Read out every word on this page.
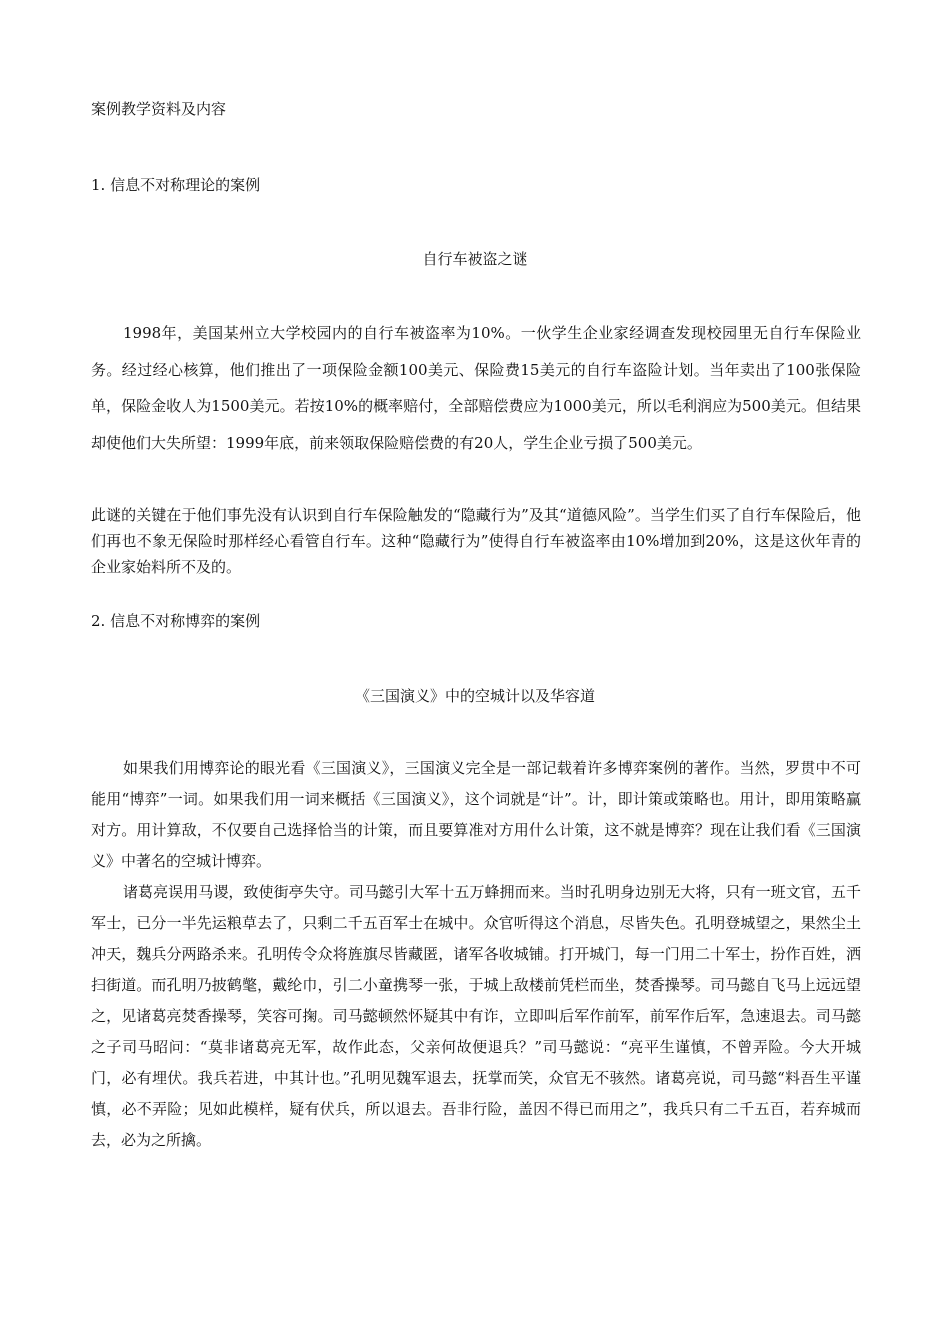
案例教学资料及内容
1. 信息不对称理论的案例
自行车被盗之谜
1998年，美国某州立大学校园内的自行车被盗率为10%。一伙学生企业家经调查发现校园里无自行车保险业务。经过经心核算，他们推出了一项保险金额100美元、保险费15美元的自行车盗险计划。当年卖出了100张保险单，保险金收人为1500美元。若按10%的概率赔付，全部赔偿费应为1000美元，所以毛利润应为500美元。但结果却使他们大失所望：1999年底，前来领取保险赔偿费的有20人，学生企业亏损了500美元。
此谜的关键在于他们事先没有认识到自行车保险触发的“隐藏行为”及其“道德风险”。当学生们买了自行车保险后，他们再也不象无保险时那样经心看管自行车。这种“隐藏行为”使得自行车被盗率由10%增加到20%，这是这伙年青的企业家始料所不及的。
2. 信息不对称博弈的案例
《三国演义》中的空城计以及华容道
如果我们用博弈论的眼光看《三国演义》，三国演义完全是一部记载着许多博弈案例的著作。当然，罗贯中不可能用“博弈”一词。如果我们用一词来概括《三国演义》，这个词就是“计”。计，即计策或策略也。用计，即用策略赢对方。用计算敌，不仅要自己选择恰当的计策，而且要算准对方用什么计策，这不就是博弈？现在让我们看《三国演义》中著名的空城计博弈。
诸葛亮误用马谡，致使街亭失守。司马懿引大军十五万蜂拥而来。当时孔明身边别无大将，只有一班文官，五千军士，已分一半先运粮草去了，只剩二千五百军士在城中。众官听得这个消息，尽皆失色。孔明登城望之，果然尘土冲天，魏兵分两路杀来。孔明传令众将旌旗尽皆藏匿，诸军各收城铺。打开城门，每一门用二十军士，扮作百姓，洒扫街道。而孔明乃披鹤氅，戴纶巾，引二小童携琴一张，于城上敌楼前凭栏而坐，焚香操琴。司马懿自飞马上远远望之，见诸葛亮焚香操琴，笑容可掬。司马懿顿然怀疑其中有诈，立即叫后军作前军，前军作后军，急速退去。司马懿之子司马昭问：“莫非诸葛亮无军，故作此态，父亲何故便退兵？”司马懿说：“亮平生谨慎，不曾弄险。今大开城门，必有埋伏。我兵若进，中其计也。”孔明见魏军退去，抚掌而笑，众官无不骇然。诸葛亮说，司马懿“料吾生平谨慎，必不弄险；见如此模样，疑有伏兵，所以退去。吾非行险，盖因不得已而用之”，我兵只有二千五百，若弃城而去，必为之所擒。
